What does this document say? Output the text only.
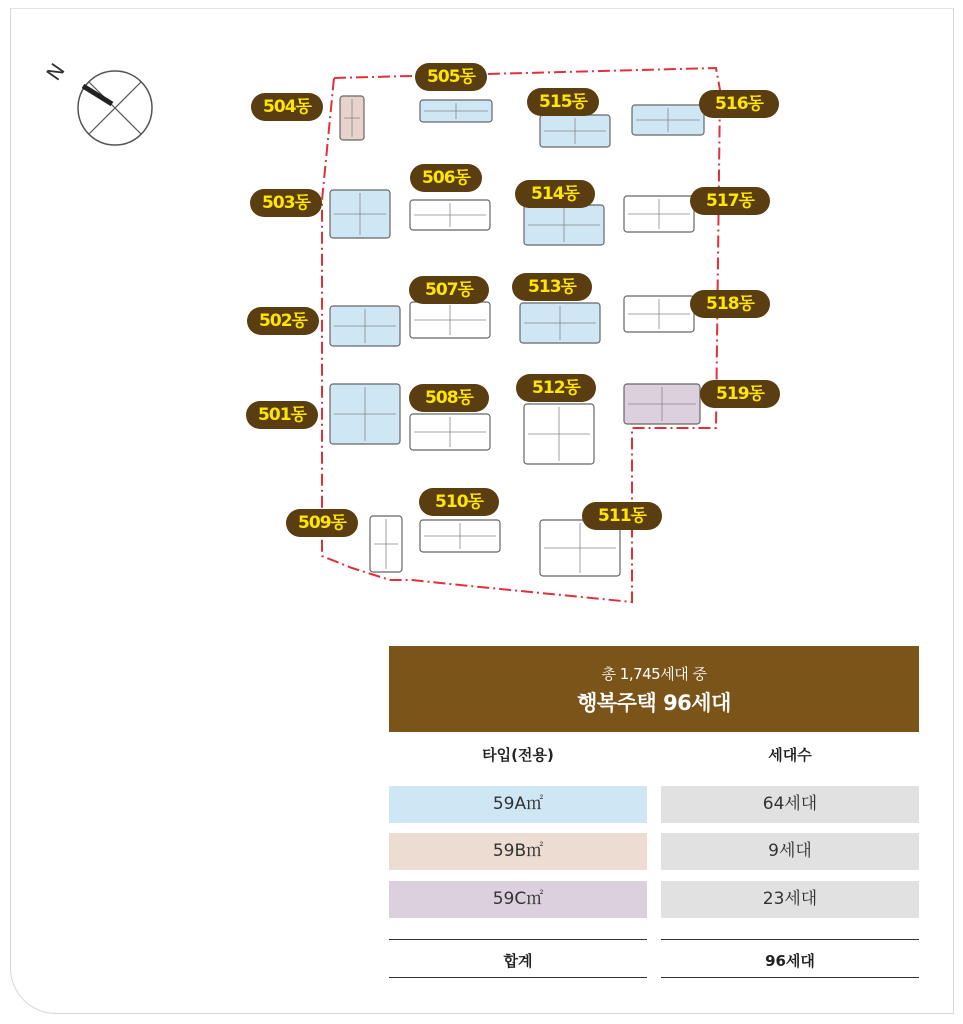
N
504동
505동
515동	516동
503동
506동
514동	517동
502동
507동	513동
518동
501동
508동	512동	519동
509동
510동
511동
총 1,745세대 중
행복주택 96세대
타입(전용)	세대수
59A㎡	64세대
59B㎡	9세대
59C㎡	23세대
합계	96세대
